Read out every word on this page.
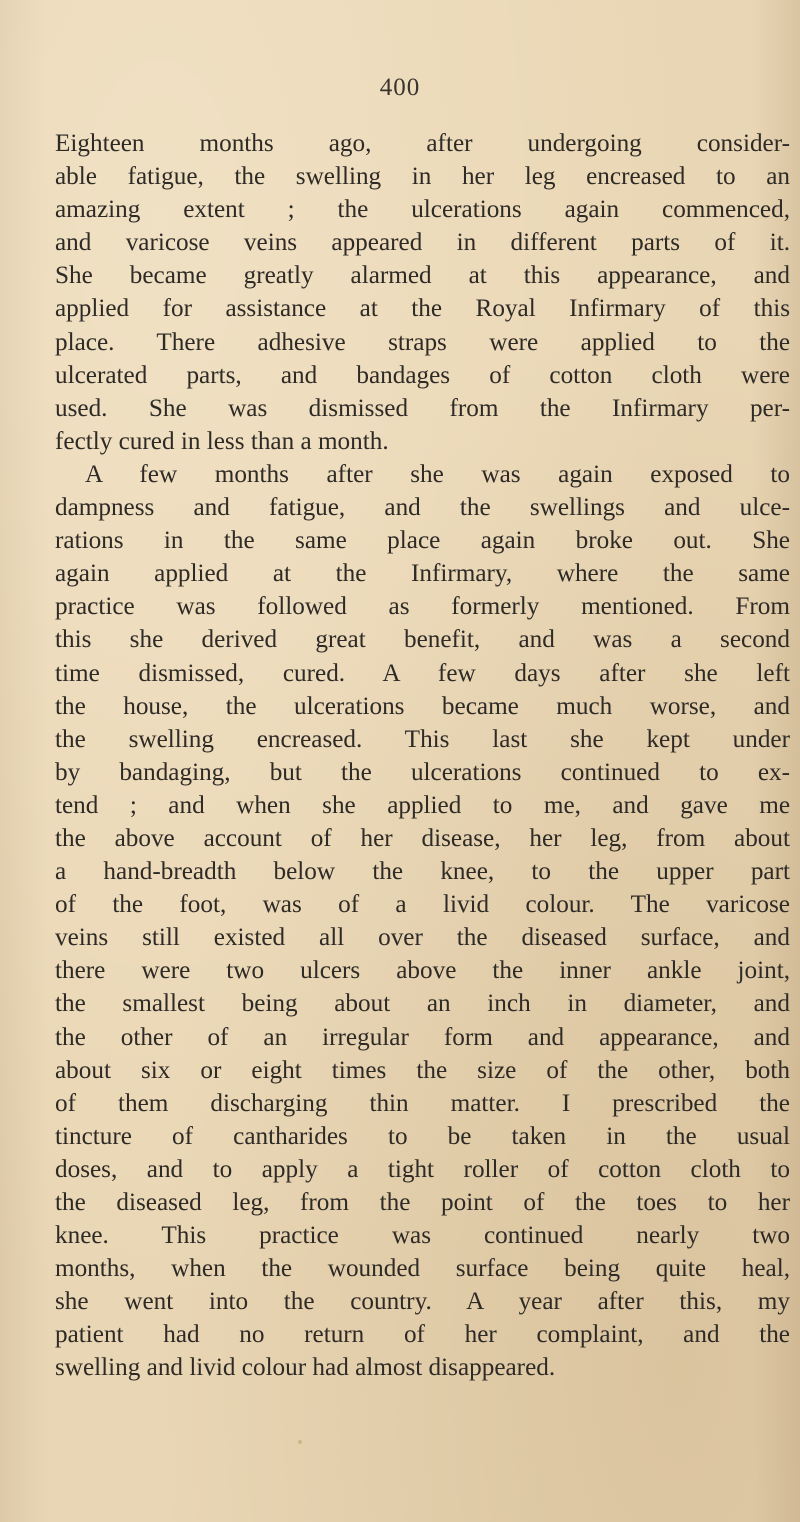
400
Eighteen months ago, after undergoing consider-
able fatigue, the swelling in her leg encreased to an
amazing extent ; the ulcerations again commenced,
and varicose veins appeared in different parts of it.
She became greatly alarmed at this appearance, and
applied for assistance at the Royal Infirmary of this
place. There adhesive straps were applied to the
ulcerated parts, and bandages of cotton cloth were
used. She was dismissed from the Infirmary per-
fectly cured in less than a month.
A few months after she was again exposed to
dampness and fatigue, and the swellings and ulce-
rations in the same place again broke out. She
again applied at the Infirmary, where the same
practice was followed as formerly mentioned. From
this she derived great benefit, and was a second
time dismissed, cured. A few days after she left
the house, the ulcerations became much worse, and
the swelling encreased. This last she kept under
by bandaging, but the ulcerations continued to ex-
tend ; and when she applied to me, and gave me
the above account of her disease, her leg, from about
a hand-breadth below the knee, to the upper part
of the foot, was of a livid colour. The varicose
veins still existed all over the diseased surface, and
there were two ulcers above the inner ankle joint,
the smallest being about an inch in diameter, and
the other of an irregular form and appearance, and
about six or eight times the size of the other, both
of them discharging thin matter. I prescribed the
tincture of cantharides to be taken in the usual
doses, and to apply a tight roller of cotton cloth to
the diseased leg, from the point of the toes to her
knee. This practice was continued nearly two
months, when the wounded surface being quite heal,
she went into the country. A year after this, my
patient had no return of her complaint, and the
swelling and livid colour had almost disappeared.
